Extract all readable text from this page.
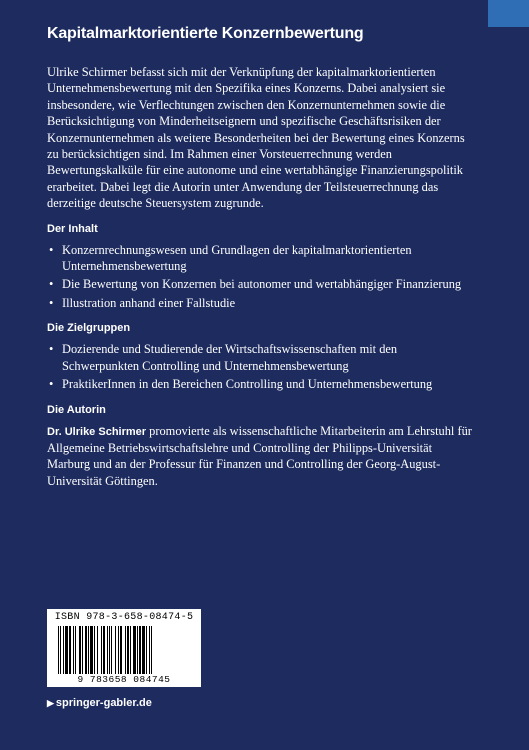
Kapitalmarktorientierte Konzernbewertung

Ulrike Schirmer befasst sich mit der Verknüpfung der kapitalmarktorientierten Unternehmensbewertung mit den Spezifika eines Konzerns. Dabei analysiert sie insbesondere, wie Verflechtungen zwischen den Konzernunternehmen sowie die Berücksichtigung von Minderheitseignern und spezifische Geschäftsrisiken der Konzernunternehmen als weitere Besonderheiten bei der Bewertung eines Konzerns zu berücksichtigen sind. Im Rahmen einer Vorsteuerrechnung werden Bewertungskalküle für eine autonome und eine wertabhängige Finanzierungspolitik erarbeitet. Dabei legt die Autorin unter Anwendung der Teilsteuerrechnung das derzeitige deutsche Steuersystem zugrunde.

Der Inhalt
• Konzernrechnungswesen und Grundlagen der kapitalmarktorientierten Unternehmensbewertung
• Die Bewertung von Konzernen bei autonomer und wertabhängiger Finanzierung
• Illustration anhand einer Fallstudie
Die Zielgruppen
• Dozierende und Studierende der Wirtschaftswissenschaften mit den Schwerpunkten Controlling und Unternehmensbewertung
• PraktikerInnen in den Bereichen Controlling und Unternehmensbewertung
Die Autorin

Dr. Ulrike Schirmer promovierte als wissenschaftliche Mitarbeiterin am Lehrstuhl für Allgemeine Betriebswirtschaftslehre und Controlling der Philipps-Universität Marburg und an der Professur für Finanzen und Controlling der Georg-August-Universität Göttingen.

ISBN 978-3-658-08474-5
9 783658 084745
▶ springer-gabler.de
